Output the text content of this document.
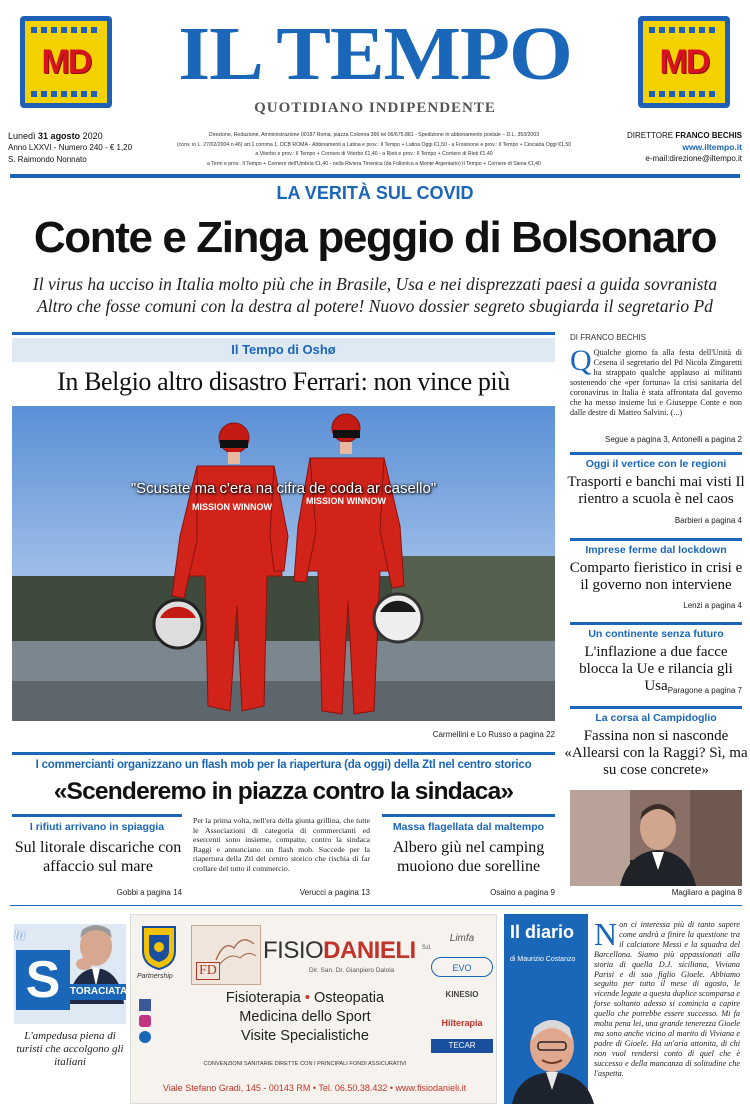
MD	MD
IL TEMPO
QUOTIDIANO INDIPENDENTE
Lunedì 31 agosto 2020
Anno LXXVI - Numero 240 - € 1,20
S. Raimondo Nonnato
Direzione, Redazione, Amministrazione 00187 Roma, piazza Colonna 366 tel 06/675.881 - Spedizione in abbonamento postale – D.L. 353/2003
(conv. in L. 27/02/2004 n.46) art.1 comma 1, DCB ROMA - Abbinamenti a Latina e prov.: Il Tempo + Latina Oggi €1,50 - a Frosinone e prov.: Il Tempo + Ciociaria Oggi €1,50
a Viterbo e prov.: Il Tempo + Corriere di Viterbo €1,40 - a Rieti e prov.: Il Tempo + Corriere di Rieti €1,40
a Terni e prov.: Il Tempo + Corriere dell'Umbria €1,40 - nella Riviera Tirrenica (da Follonica a Monte Argentario) Il Tempo + Corriere di Siena €1,40
DIRETTORE FRANCO BECHIS
www.iltempo.it
e-mail:direzione@iltempo.it
LA VERITÀ SUL COVID
Conte e Zinga peggio di Bolsonaro
Il virus ha ucciso in Italia molto più che in Brasile, Usa e nei disprezzati paesi a guida sovranista
Altro che fosse comuni con la destra al potere! Nuovo dossier segreto sbugiarda il segretario Pd
Il Tempo di Oshø
In Belgio altro disastro Ferrari: non vince più
MISSION WINNOW
MISSION WINNOW
"Scusate ma c'era na cifra de coda ar casello"
Carmellini e Lo Russo a pagina 22
DI FRANCO BECHIS
Q Qualche giorno fa alla festa dell'Unità di Cesena il segretario del Pd Nicola Zingaretti ha strappato qualche applauso ai militanti sostenendo che «per fortuna» la crisi sanitaria del coronavirus in Italia è stata affrontata dal governo che ha messo insieme lui e Giuseppe Conte e non dalle destre di Matteo Salvini. (...)
Segue a pagina 3, Antonelli a pagina 2
Oggi il vertice con le regioni
Trasporti e banchi mai visti Il rientro a scuola è nel caos
Barbieri a pagina 4
Imprese ferme dal lockdown
Comparto fieristico in crisi e il governo non interviene
Lenzi a pagina 4
Un continente senza futuro
L'inflazione a due facce blocca la Ue e rilancia gli Usa Paragone a pagina 7
La corsa al Campidoglio
Fassina non si nasconde «Allearsi con la Raggi? Sì, ma su cose concrete»
Magliaro a pagina 8
I commercianti organizzano un flash mob per la riapertura (da oggi) della Ztl nel centro storico
«Scenderemo in piazza contro la sindaca»
I rifiuti arrivano in spiaggia
Sul litorale discariche con affaccio sul mare
Gobbi a pagina 14
Per la prima volta, nell'era della giunta grillina, che tutte le Associazioni di categoria di commercianti ed esercenti sono insieme, compatte, contro la sindaca Raggi e annunciano un flash mob. Succede per la riapertura della Ztl del centro storico che rischia di far crollare del tutto il commercio.
Verucci a pagina 13
Massa flagellata dal maltempo
Albero giù nel camping muoiono due sorelline
Osaino a pagina 9
la
S TORACIATA
L'ampedusa piena di turisti che accolgono gli italiani
Partnership FD
FISIODANIELI $^{S.r.l.}$
Dir. San. Dr. Gianpiero Dalola
Fisioterapia • Osteopatia
Medicina dello Sport
Visite Specialistiche
CONVENZIONI SANITARIE DIRETTE CON I PRINCIPALI FONDI ASSICURATIVI
Viale Stefano Gradi, 145 - 00143 RM • Tel. 06.50.38.432 • www.fisiodanieli.it
Limfa
EVO
KINESIO
Hilterapia
TECAR
Il diario
di Maurizio Costanzo
Non ci interessa più di tanto sapere come andrà a finire la questione tra il calciatore Messi e la squadra del Barcellona. Siamo più appassionati alla storia di quella D.J. siciliana, Viviana Parisi e di suo figlio Gioele. Abbiamo seguito per tutto il mese di agosto, le vicende legate a questa duplice scomparsa e forse soltanto adesso si comincia a capire quello che potrebbe essere successo. Mi fa molta pena lei, una grande tenerezza Gioele ma sono anche vicino al marito di Viviana e padre di Gioele. Ha un'aria attonita, di chi non vuol rendersi conto di quel che è successo e della mancanza di solitudine che l'aspetta.
